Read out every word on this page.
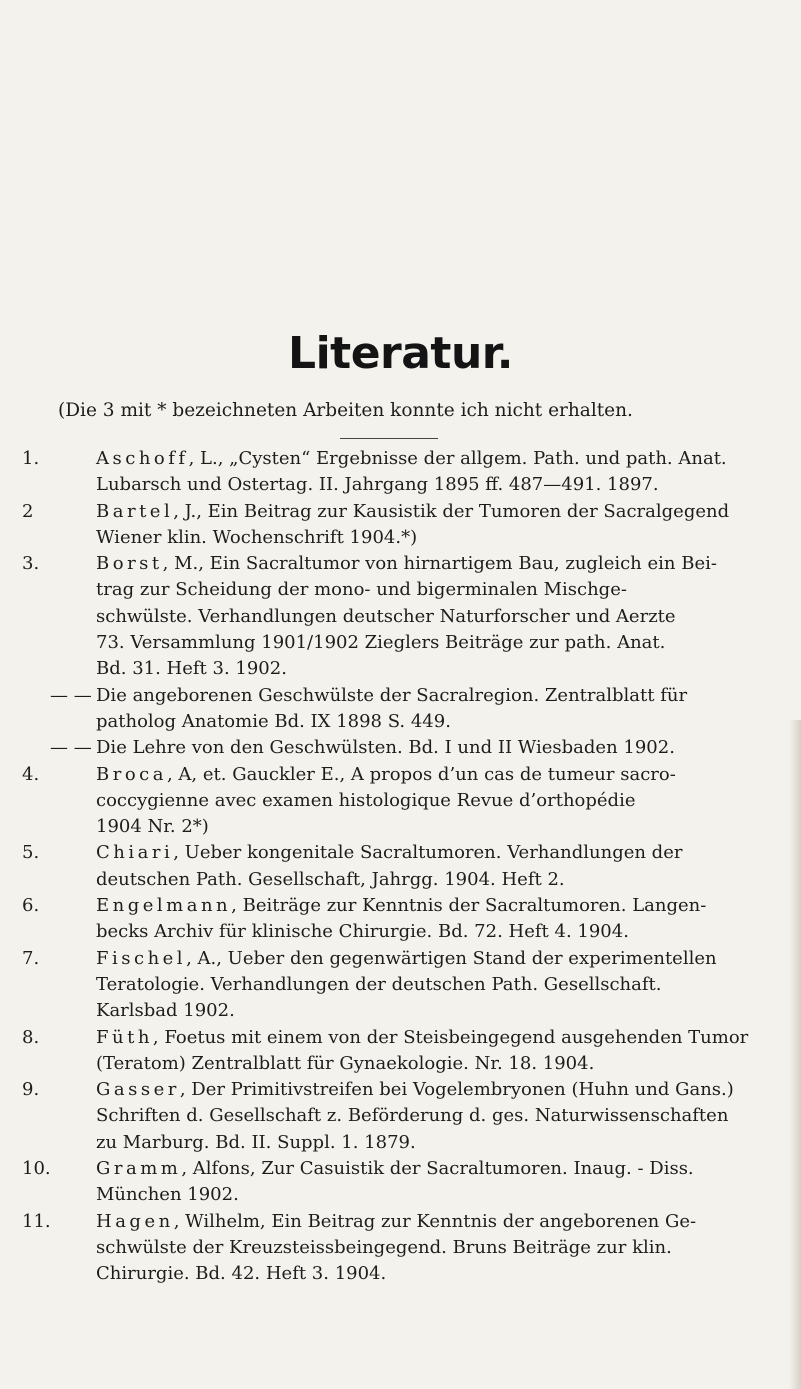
Literatur.
(Die 3 mit * bezeichneten Arbeiten konnte ich nicht erhalten.
1.	Aschoff, L., „Cysten“ Ergebnisse der allgem. Path. und path. Anat.
Lubarsch und Ostertag. II. Jahrgang 1895 ff. 487—491. 1897.
2	Bartel, J., Ein Beitrag zur Kausistik der Tumoren der Sacralgegend
Wiener klin. Wochenschrift 1904.*)
3.	Borst, M., Ein Sacraltumor von hirnartigem Bau, zugleich ein Bei-
trag zur Scheidung der mono- und bigerminalen Mischge-
schwülste. Verhandlungen deutscher Naturforscher und Aerzte
73. Versammlung 1901/1902 Zieglers Beiträge zur path. Anat.
Bd. 31. Heft 3. 1902.
— — Die angeborenen Geschwülste der Sacralregion. Zentralblatt für
patholog Anatomie Bd. IX 1898 S. 449.
— — Die Lehre von den Geschwülsten. Bd. I und II Wiesbaden 1902.
4.	Broca, A, et. Gauckler E., A propos d’un cas de tumeur sacro-
coccygienne avec examen histologique Revue d’orthopédie
1904 Nr. 2*)
5.	Chiari, Ueber kongenitale Sacraltumoren. Verhandlungen der
deutschen Path. Gesellschaft, Jahrgg. 1904. Heft 2.
6.	Engelmann, Beiträge zur Kenntnis der Sacraltumoren. Langen-
becks Archiv für klinische Chirurgie. Bd. 72. Heft 4. 1904.
7.	Fischel, A., Ueber den gegenwärtigen Stand der experimentellen
Teratologie. Verhandlungen der deutschen Path. Gesellschaft.
Karlsbad 1902.
8.	Füth, Foetus mit einem von der Steisbeingegend ausgehenden Tumor
(Teratom) Zentralblatt für Gynaekologie. Nr. 18. 1904.
9.	Gasser, Der Primitivstreifen bei Vogelembryonen (Huhn und Gans.)
Schriften d. Gesellschaft z. Beförderung d. ges. Naturwissenschaften
zu Marburg. Bd. II. Suppl. 1. 1879.
10.	Gramm, Alfons, Zur Casuistik der Sacraltumoren. Inaug. - Diss.
München 1902.
11.	Hagen, Wilhelm, Ein Beitrag zur Kenntnis der angeborenen Ge-
schwülste der Kreuzsteissbeingegend. Bruns Beiträge zur klin.
Chirurgie. Bd. 42. Heft 3. 1904.
